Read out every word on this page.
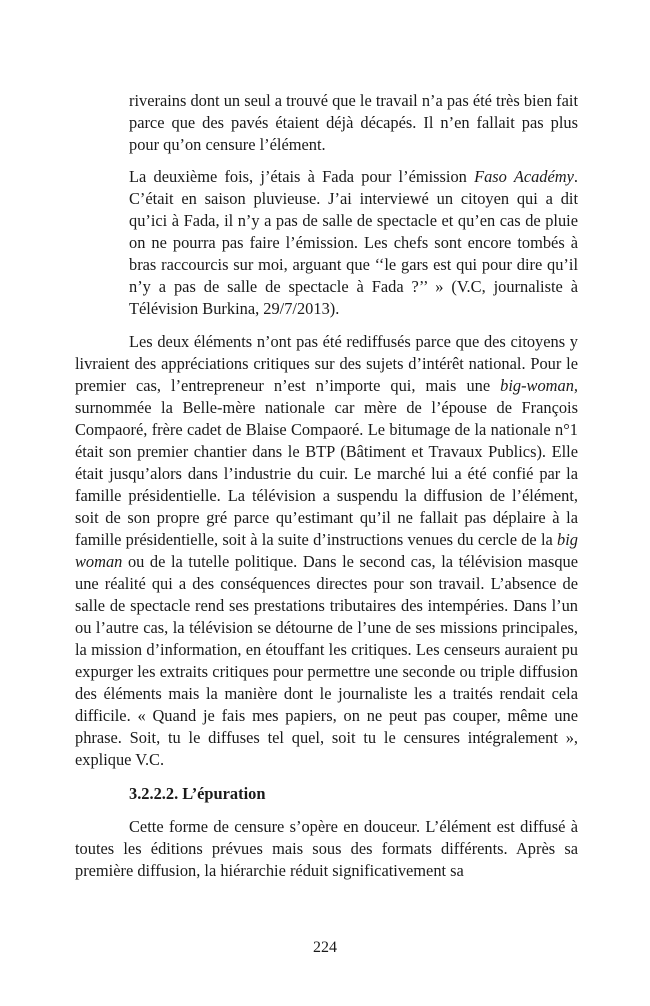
riverains dont un seul a trouvé que le travail n’a pas été très bien fait parce que des pavés étaient déjà décapés. Il n’en fallait pas plus pour qu’on censure l’élément.

La deuxième fois, j’étais à Fada pour l’émission Faso Académy. C’était en saison pluvieuse. J’ai interviewé un citoyen qui a dit qu’ici à Fada, il n’y a pas de salle de spectacle et qu’en cas de pluie on ne pourra pas faire l’émission. Les chefs sont encore tombés à bras raccourcis sur moi, arguant que ‘‘le gars est qui pour dire qu’il n’y a pas de salle de spectacle à Fada ?’’ » (V.C, journaliste à Télévision Burkina, 29/7/2013).

Les deux éléments n’ont pas été rediffusés parce que des citoyens y livraient des appréciations critiques sur des sujets d’intérêt national. Pour le premier cas, l’entrepreneur n’est n’importe qui, mais une big-woman, surnommée la Belle-mère nationale car mère de l’épouse de François Compaoré, frère cadet de Blaise Compaoré. Le bitumage de la nationale n°1 était son premier chantier dans le BTP (Bâtiment et Travaux Publics). Elle était jusqu’alors dans l’industrie du cuir. Le marché lui a été confié par la famille présidentielle. La télévision a suspendu la diffusion de l’élément, soit de son propre gré parce qu’estimant qu’il ne fallait pas déplaire à la famille présidentielle, soit à la suite d’instructions venues du cercle de la big woman ou de la tutelle politique. Dans le second cas, la télévision masque une réalité qui a des conséquences directes pour son travail. L’absence de salle de spectacle rend ses prestations tributaires des intempéries. Dans l’un ou l’autre cas, la télévision se détourne de l’une de ses missions principales, la mission d’information, en étouffant les critiques. Les censeurs auraient pu expurger les extraits critiques pour permettre une seconde ou triple diffusion des éléments mais la manière dont le journaliste les a traités rendait cela difficile. « Quand je fais mes papiers, on ne peut pas couper, même une phrase. Soit, tu le diffuses tel quel, soit tu le censures intégralement », explique V.C.

3.2.2.2. L’épuration

Cette forme de censure s’opère en douceur. L’élément est diffusé à toutes les éditions prévues mais sous des formats différents. Après sa première diffusion, la hiérarchie réduit significativement sa

224
